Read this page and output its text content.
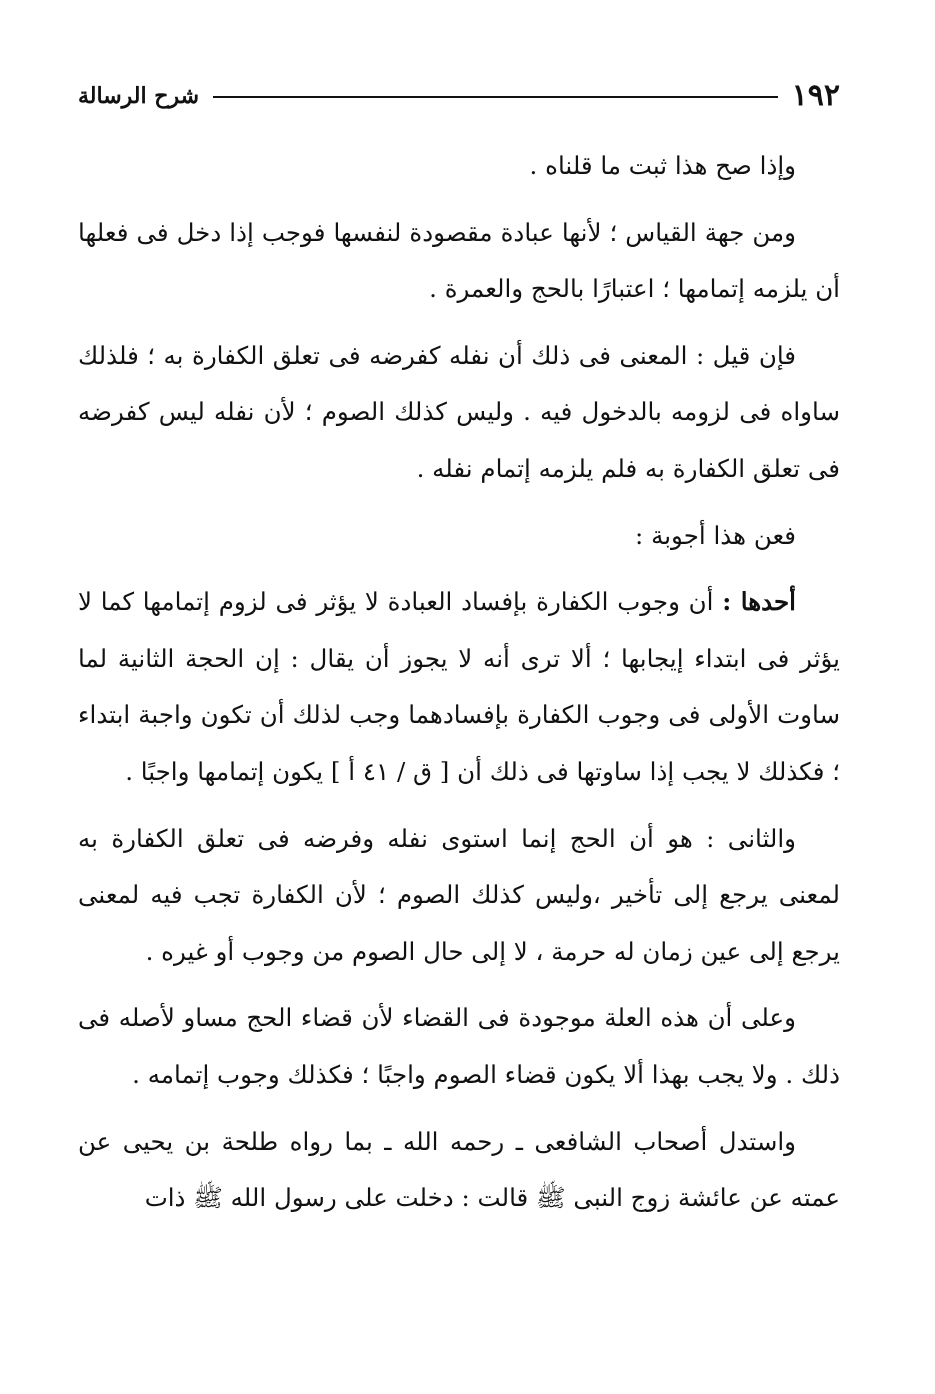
١٩٢
شرح الرسالة

وإذا صح هذا ثبت ما قلناه .

ومن جهة القياس ؛ لأنها عبادة مقصودة لنفسها فوجب إذا دخل فى فعلها أن يلزمه إتمامها ؛ اعتبارًا بالحج والعمرة .

فإن قيل : المعنى فى ذلك أن نفله كفرضه فى تعلق الكفارة به ؛ فلذلك ساواه فى لزومه بالدخول فيه . وليس كذلك الصوم ؛ لأن نفله ليس كفرضه فى تعلق الكفارة به فلم يلزمه إتمام نفله .

فعن هذا أجوبة :

أحدها : أن وجوب الكفارة بإفساد العبادة لا يؤثر فى لزوم إتمامها كما لا يؤثر فى ابتداء إيجابها ؛ ألا ترى أنه لا يجوز أن يقال : إن الحجة الثانية لما ساوت الأولى فى وجوب الكفارة بإفسادهما وجب لذلك أن تكون واجبة ابتداء ؛ فكذلك لا يجب إذا ساوتها فى ذلك أن [ ق / ٤١ أ ] يكون إتمامها واجبًا .

والثانى : هو أن الحج إنما استوى نفله وفرضه فى تعلق الكفارة به لمعنى يرجع إلى تأخير ،وليس كذلك الصوم ؛ لأن الكفارة تجب فيه لمعنى يرجع إلى عين زمان له حرمة ، لا إلى حال الصوم من وجوب أو غيره .

وعلى أن هذه العلة موجودة فى القضاء لأن قضاء الحج مساو لأصله فى ذلك . ولا يجب بهذا ألا يكون قضاء الصوم واجبًا ؛ فكذلك وجوب إتمامه .

واستدل أصحاب الشافعى ـ رحمه الله ـ بما رواه طلحة بن يحيى عن عمته عن عائشة زوج النبى ﷺ قالت : دخلت على رسول الله ﷺ ذات
